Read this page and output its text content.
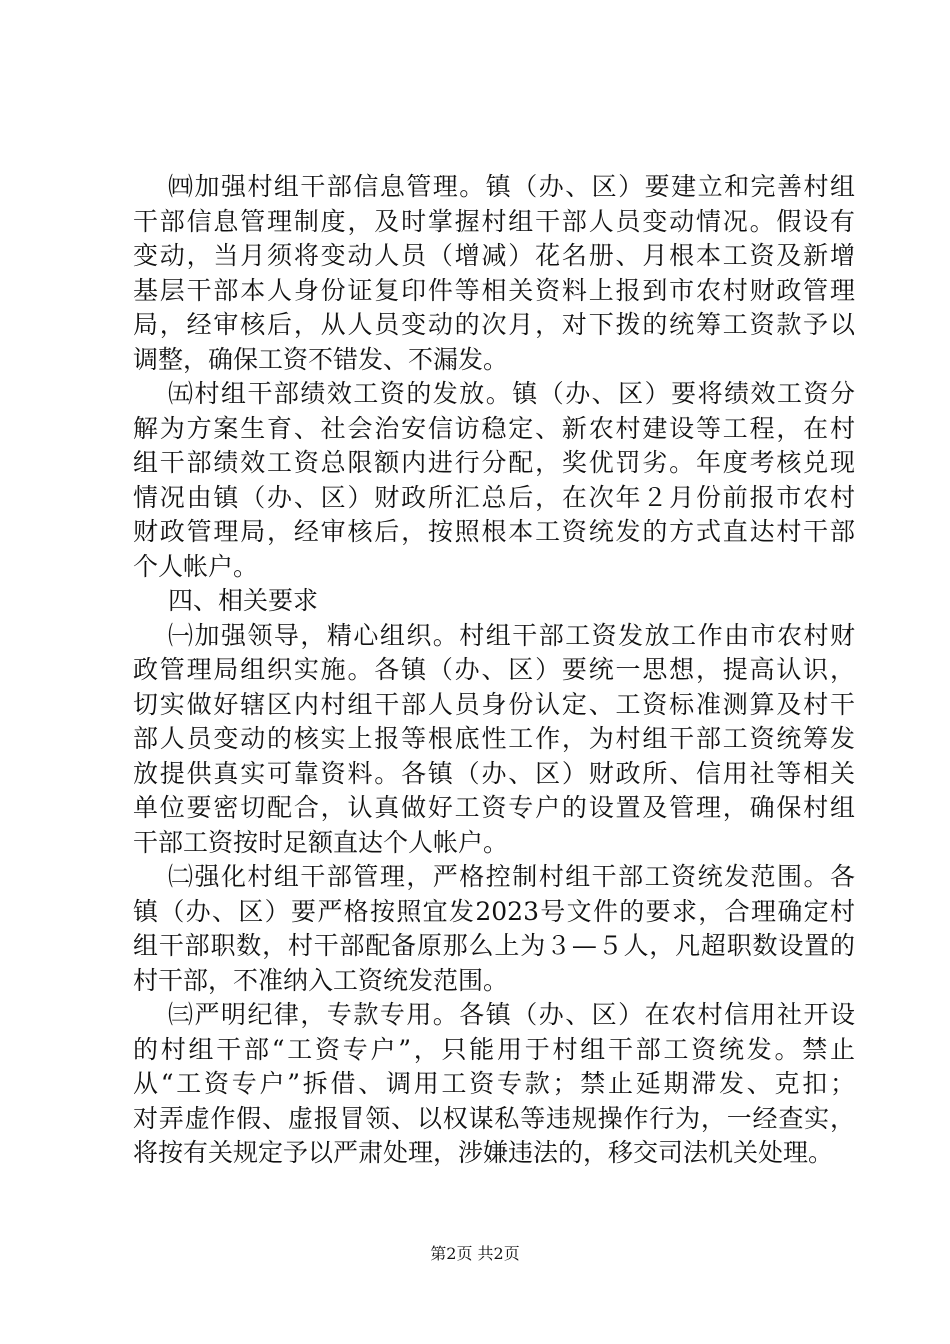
㈣加强村组干部信息管理。镇（办、区）要建立和完善村组
干部信息管理制度，及时掌握村组干部人员变动情况。假设有
变动，当月须将变动人员（增减）花名册、月根本工资及新增
基层干部本人身份证复印件等相关资料上报到市农村财政管理
局，经审核后，从人员变动的次月，对下拨的统筹工资款予以
调整，确保工资不错发、不漏发。
㈤村组干部绩效工资的发放。镇（办、区）要将绩效工资分
解为方案生育、社会治安信访稳定、新农村建设等工程，在村
组干部绩效工资总限额内进行分配，奖优罚劣。年度考核兑现
情况由镇（办、区）财政所汇总后，在次年２月份前报市农村
财政管理局，经审核后，按照根本工资统发的方式直达村干部
个人帐户。
四、相关要求
㈠加强领导，精心组织。村组干部工资发放工作由市农村财
政管理局组织实施。各镇（办、区）要统一思想，提高认识，
切实做好辖区内村组干部人员身份认定、工资标准测算及村干
部人员变动的核实上报等根底性工作，为村组干部工资统筹发
放提供真实可靠资料。各镇（办、区）财政所、信用社等相关
单位要密切配合，认真做好工资专户的设置及管理，确保村组
干部工资按时足额直达个人帐户。
㈡强化村组干部管理，严格控制村组干部工资统发范围。各
镇（办、区）要严格按照宜发2023号文件的要求，合理确定村
组干部职数，村干部配备原那么上为３—５人，凡超职数设置的
村干部，不准纳入工资统发范围。
㈢严明纪律，专款专用。各镇（办、区）在农村信用社开设
的村组干部“工资专户”，只能用于村组干部工资统发。禁止
从“工资专户”拆借、调用工资专款；禁止延期滞发、克扣；
对弄虚作假、虚报冒领、以权谋私等违规操作行为，一经查实，
将按有关规定予以严肃处理，涉嫌违法的，移交司法机关处理。
第2页 共2页
